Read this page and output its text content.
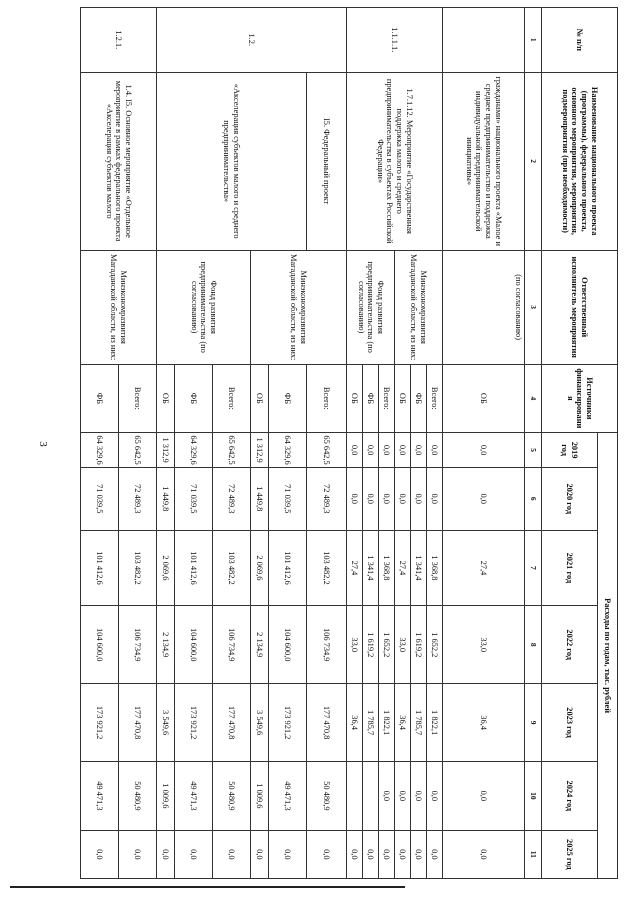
3
№ п/п	Наименование национального проекта (программы), федерального проекта, основного мероприятия, мероприятия, подмероприятия (при необходимости)	Ответственный исполнитель мероприятия	Источники финансирования	Расходы по годам, тыс. рублей						
				2019 год	2020 год	2021 год	2022 год	2023 год	2024 год	2025 год
1	2	3	4	5	6	7	8	9	10	11
	гражданами» национального проекта «Малое и среднее предпринимательство и поддержка индивидуальной предпринимательской инициативы»	(по согласованию)	ОБ	0,0	0,0	27,4	33,0	36,4	0,0	0,0
1.1.1.1.	1.7.1.12. Мероприятие «Государственная поддержка малого и среднего предпринимательства в субъектах Российской Федерации»	Минэкономразвития Магаданской области, из них:	Всего:	0,0	0,0	1 368,8	1 652,2	1 822,1	0,0	0,0
			ФБ	0,0	0,0	1 341,4	1 619,2	1 785,7	0,0	0,0
			ОБ	0,0	0,0	27,4	33,0	36,4	0,0	0,0
		Фонд развития предпринимательства (по согласованию)	Всего:	0,0	0,0	1 368,8	1 652,2	1 822,1	0,0	0,0
			ФБ	0,0	0,0	1 341,4	1 619,2	1 785,7		0,0
			ОБ	0,0	0,0	27,4	33,0	36,4		0,0
1.2.	I5. Федеральный проект	Минэкономразвития Магаданской области, из них:	Всего:	65 642,5	72 489,3	103 482,2	106 734,9	177 470,8	50 480,9	0,0
	«Акселерация субъектов малого и среднего предпринимательства»		ФБ	64 329,6	71 039,5	101 412,6	104 600,0	173 921,2	49 471,3	0,0
			ОБ	1 312,9	1 449,8	2 069,6	2 134,9	3 549,6	1 009,6	0,0
		Фонд развития предпринимательства (по согласованию)	Всего:	65 642,5	72 489,3	103 482,2	106 734,9	177 470,8	50 480,9	0,0
			ФБ	64 329,6	71 039,5	101 412,6	104 600,0	173 921,2	49 471,3	0,0
			ОБ	1 312,9	1 449,8	2 069,6	2 134,9	3 549,6	1 009,6	0,0
1.2.1.	1.4. I5. Основное мероприятие «Отдельное мероприятие в рамках федерального проекта «Акселерация субъектов малого	Минэкономразвития Магаданской области, из них:	Всего:	65 642,5	72 489,3	103 482,2	106 734,9	177 470,8	50 480,9	0,0
			ФБ	64 329,6	71 039,5	101 412,6	104 600,0	173 921,2	49 471,3	0,0
